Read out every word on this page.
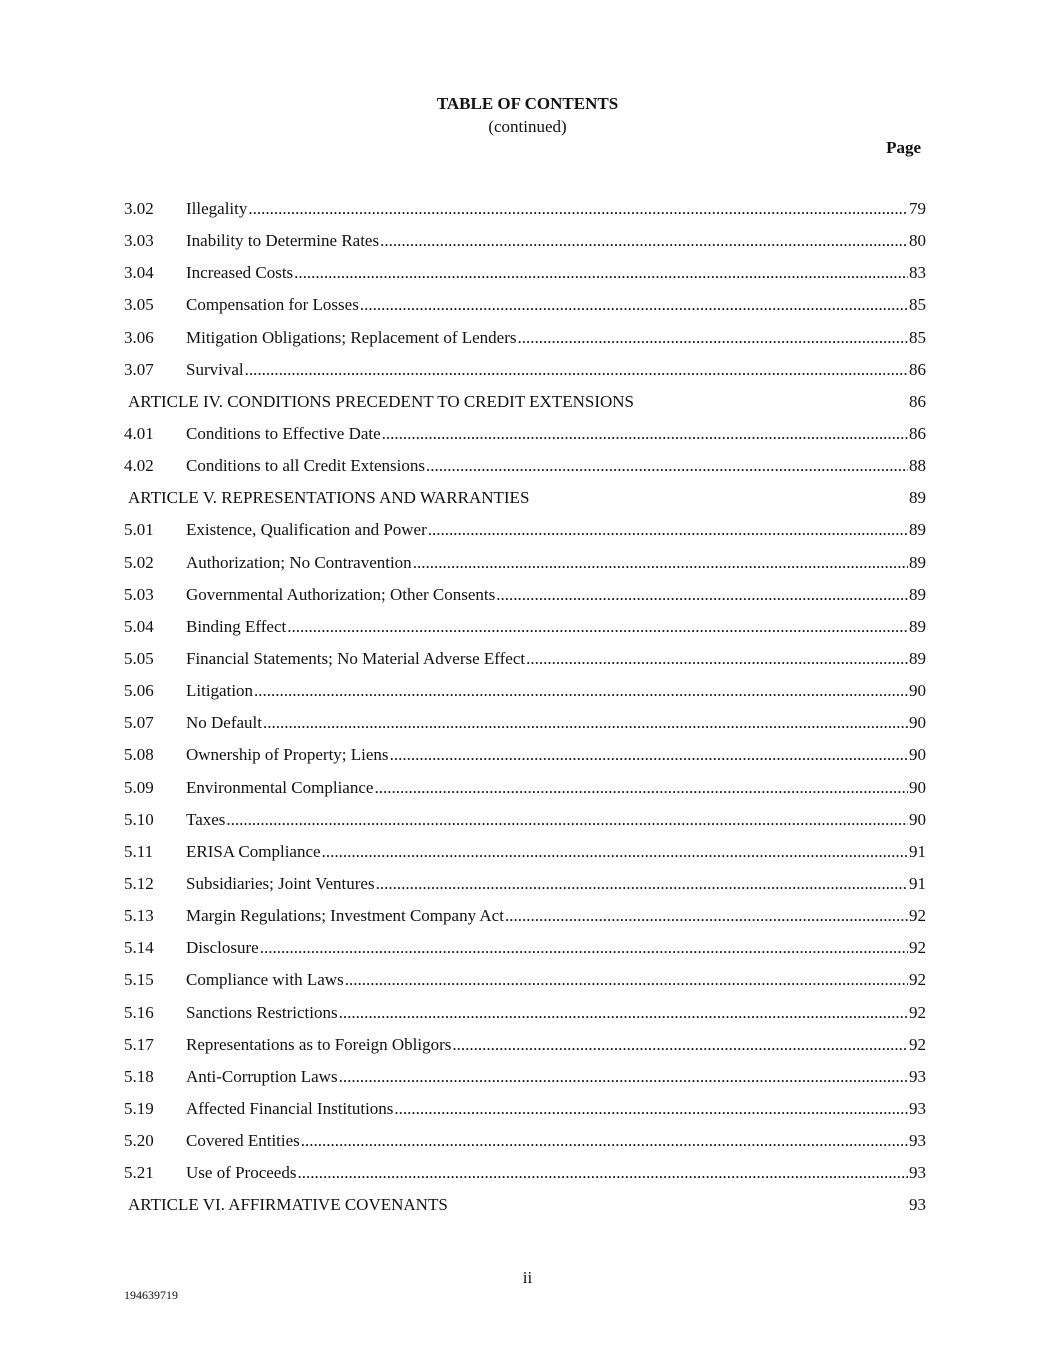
TABLE OF CONTENTS
(continued)
Page
3.02	Illegality .....	79
3.03	Inability to Determine Rates .....	80
3.04	Increased Costs .....	83
3.05	Compensation for Losses .....	85
3.06	Mitigation Obligations; Replacement of Lenders .....	85
3.07	Survival .....	86
ARTICLE IV. CONDITIONS PRECEDENT TO CREDIT EXTENSIONS	86
4.01	Conditions to Effective Date .....	86
4.02	Conditions to all Credit Extensions .....	88
ARTICLE V. REPRESENTATIONS AND WARRANTIES	89
5.01	Existence, Qualification and Power .....	89
5.02	Authorization; No Contravention .....	89
5.03	Governmental Authorization; Other Consents .....	89
5.04	Binding Effect .....	89
5.05	Financial Statements; No Material Adverse Effect .....	89
5.06	Litigation .....	90
5.07	No Default .....	90
5.08	Ownership of Property; Liens .....	90
5.09	Environmental Compliance .....	90
5.10	Taxes .....	90
5.11	ERISA Compliance .....	91
5.12	Subsidiaries; Joint Ventures .....	91
5.13	Margin Regulations; Investment Company Act .....	92
5.14	Disclosure .....	92
5.15	Compliance with Laws .....	92
5.16	Sanctions Restrictions .....	92
5.17	Representations as to Foreign Obligors .....	92
5.18	Anti-Corruption Laws .....	93
5.19	Affected Financial Institutions .....	93
5.20	Covered Entities .....	93
5.21	Use of Proceeds .....	93
ARTICLE VI. AFFIRMATIVE COVENANTS	93
ii
194639719
